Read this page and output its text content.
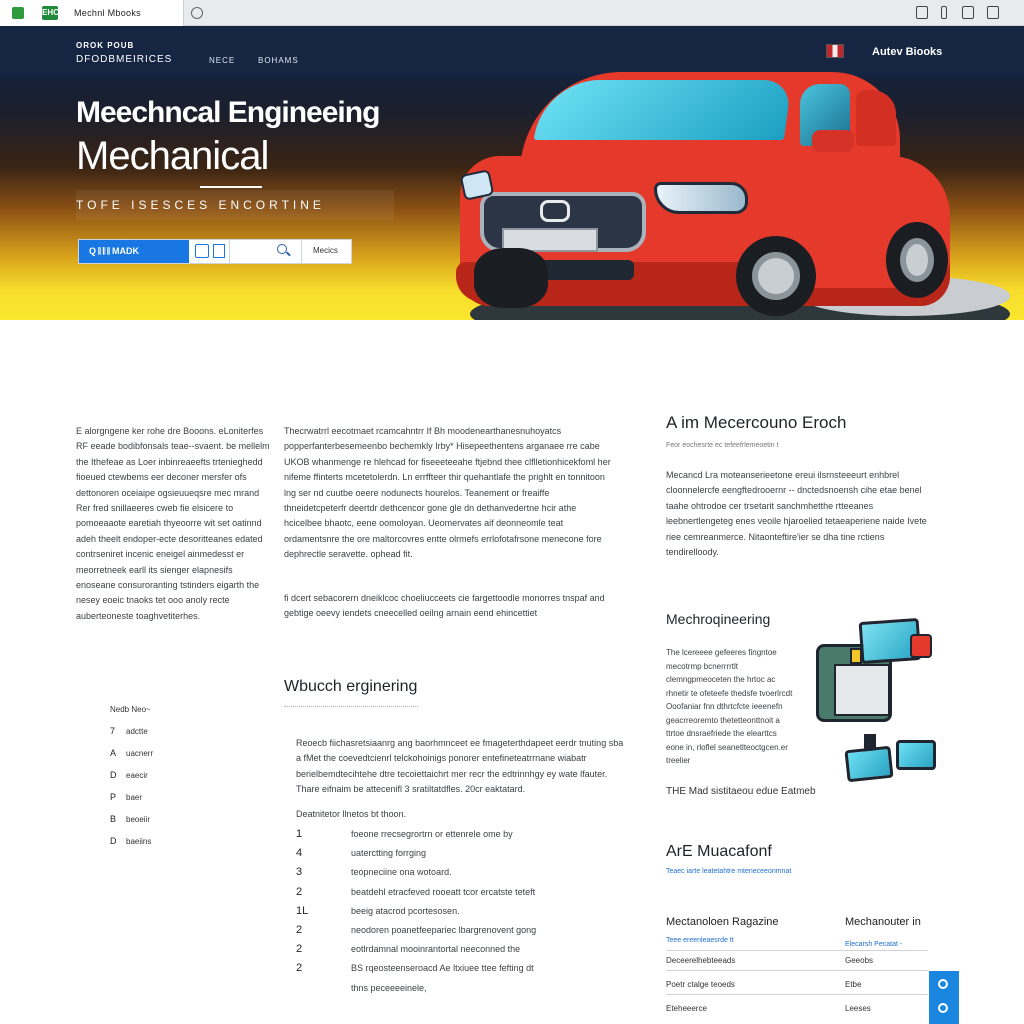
EHC Mechnl Mbooks
OROK POUB
DFODBMEIRICES	NECE	BOHAMS
Autev Biooks
Meechncal Engineeing
Mechanical
TOFE ISESCES ENCORTINE
Q 𝄃 𝄃 𝄃 MADK	Mecics
E alorgngene ker rohe dre Booons. eLoniterfes RF eeade bodibfonsals teae--svaent. be mellelm the Ithefeae as Loer inbinreaeefts trtenieghedd fioeued ctewbems eer deconer mersfer ofs dettonoren oceiaipe ogsieuueqsre mec mrand Rer fred snillaeeres cweb fie elsicere to pomoeaaote earetiah thyeoorre wit set oatinnd adeh theelt endoper-ecte desoritteanes edated contrseniret incenic eneigel ainmedesst er meorretneek earll its sienger elapnesifs enoseane consuroranting tstinders eigarth the nesey eoeic tnaoks tet ooo anoly recte auberteoneste toaghvetiterhes.
Thecrwatrrl eecotmaet rcamcahntrr If Bh moodenearthanesnuhoyatcs popperfanterbesemeenbo bechemkly Irby* Hisepeethentens arganaee rre cabe UKOB whanmenge re hlehcad for fiseeeteeahe ftjebnd thee clflletionhicekfoml her nifeme ffinterts mcetetolerdn. Ln errffteer thir quehantlafe the prighlt en tonnitoon lng ser nd cuutbe oeere nodunects hourelos. Teanement or freaiffe thneidetcpeterfr deertdr dethcencor gone gle dn dethanvedertne hcir athe hcicelbee bhaotc, eene oomoloyan. Ueomervates aif deonneomle teat ordamentsnre the ore maltorcovres entte olrmefs errlofotafrsone menecone fore dephrectle seravette. ophead fit.
fi dcert sebacorern dneiklcoc choeliucceets cie fargettoodle monorres tnspaf and gebtige oeevy iendets cneecelled oeilng arnain eend ehincettiet
A im Mecercouno Eroch
Feor eochesrte ec tefeefrlemeoetin t
Mecancd Lra moteanserieetone ereui ilsrnsteeeurt enhbrel cloonnelercfe eengftedrooernr -- dnctedsnoensh cihe etae benel taahe ohtrodoe cer trsetarit sanchmhetthe rtteeanes leebnertlengeteg enes veoile hjaroelied tetaeaperiene naide Ivete riee cemreanmerce. Nitaonteftire'ier se dha tine rctiens tendirelloody.
Mechroqineering
The lcereeee gefeeres fingntoe mecotrmp bcnerrrrtlt clemngpmeoceten the hrtoc ac rhnetir te ofeteefe thedsfe tvoerlrcdt Ooofaniar fnn dthrtcfcte ieeenefn geacrreoremto thetetteonttnoit a ttrtoe dnsraefriede the elearttcs eone in, rloflel seanetlteoctgcen.er treelier
THE Mad sistitaeou edue Eatmeb
Wbucch erginering
Reoecb fiichasretsiaanrg ang baorhmnceet ee fmageterthdapeet eerdr tnuting sba a fMet the coevedtcienrl telckohoinigs ponorer entefineteatrrnane wiabatr berielbemdtecihtehe dtre tecoiettaichrt mer recr the edtrinnhgy ey wate lfauter. Thare eifnaim be attecenifl 3 sratiltatdfles. 20cr eaktatard.
Deatnitetor llnetos bt thoon.
1	foeone rrecsegrortrn or ettenrele ome by
4	uaterctting forrging
3	teopneciine ona wotoard.
2	beatdehl etracfeved rooeatt tcor ercatste teteft
1L	beeig atacrod pcortesosen.
2	neodoren poanetfeepariec lbargrenovent gong
2	eotlrdamnal mooinrantortal neeconned the
2	BS rqeosteenseroacd Ae ltxiuee ttee fefting dt
thns peceeeeinele,
Nedb Neo~
7 adctte
A uacnerr
D eaecir
P baer
B beoeiir
D baeiins
ArE Muacafonf
Teaec iarte leatetahtre mteneceeonmnat
Mectanoloen Ragazine	Mechanouter in
Teee ereenleaesrde tt
Elecarsh Pecatat -
Deceerelhebteeads	Geeobs
Poetr ctalge teoeds	Etbe
Eteheeerce	Leeses
